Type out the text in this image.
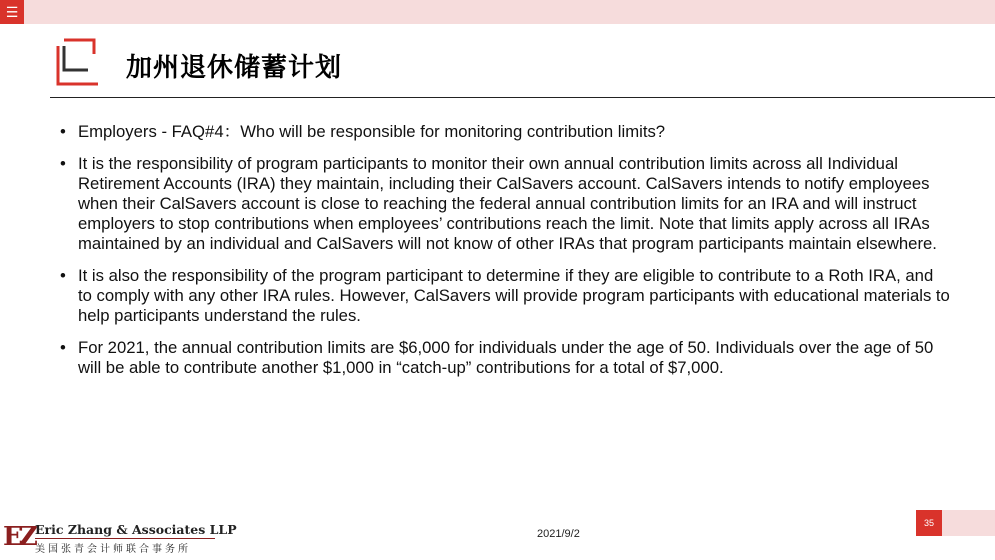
☰
加州退休储蓄计划
• Employers - FAQ#4：Who will be responsible for monitoring contribution limits?
• It is the responsibility of program participants to monitor their own annual contribution limits across all Individual Retirement Accounts (IRA) they maintain, including their CalSavers account. CalSavers intends to notify employees when their CalSavers account is close to reaching the federal annual contribution limits for an IRA and will instruct employers to stop contributions when employees’ contributions reach the limit. Note that limits apply across all IRAs maintained by an individual and CalSavers will not know of other IRAs that program participants maintain elsewhere.
• It is also the responsibility of the program participant to determine if they are eligible to contribute to a Roth IRA, and to comply with any other IRA rules. However, CalSavers will provide program participants with educational materials to help participants understand the rules.
• For 2021, the annual contribution limits are $6,000 for individuals under the age of 50. Individuals over the age of 50 will be able to contribute another $1,000 in “catch-up” contributions for a total of $7,000.
EZ Eric Zhang & Associates LLP
美国张青会计师联合事务所
2021/9/2
35
